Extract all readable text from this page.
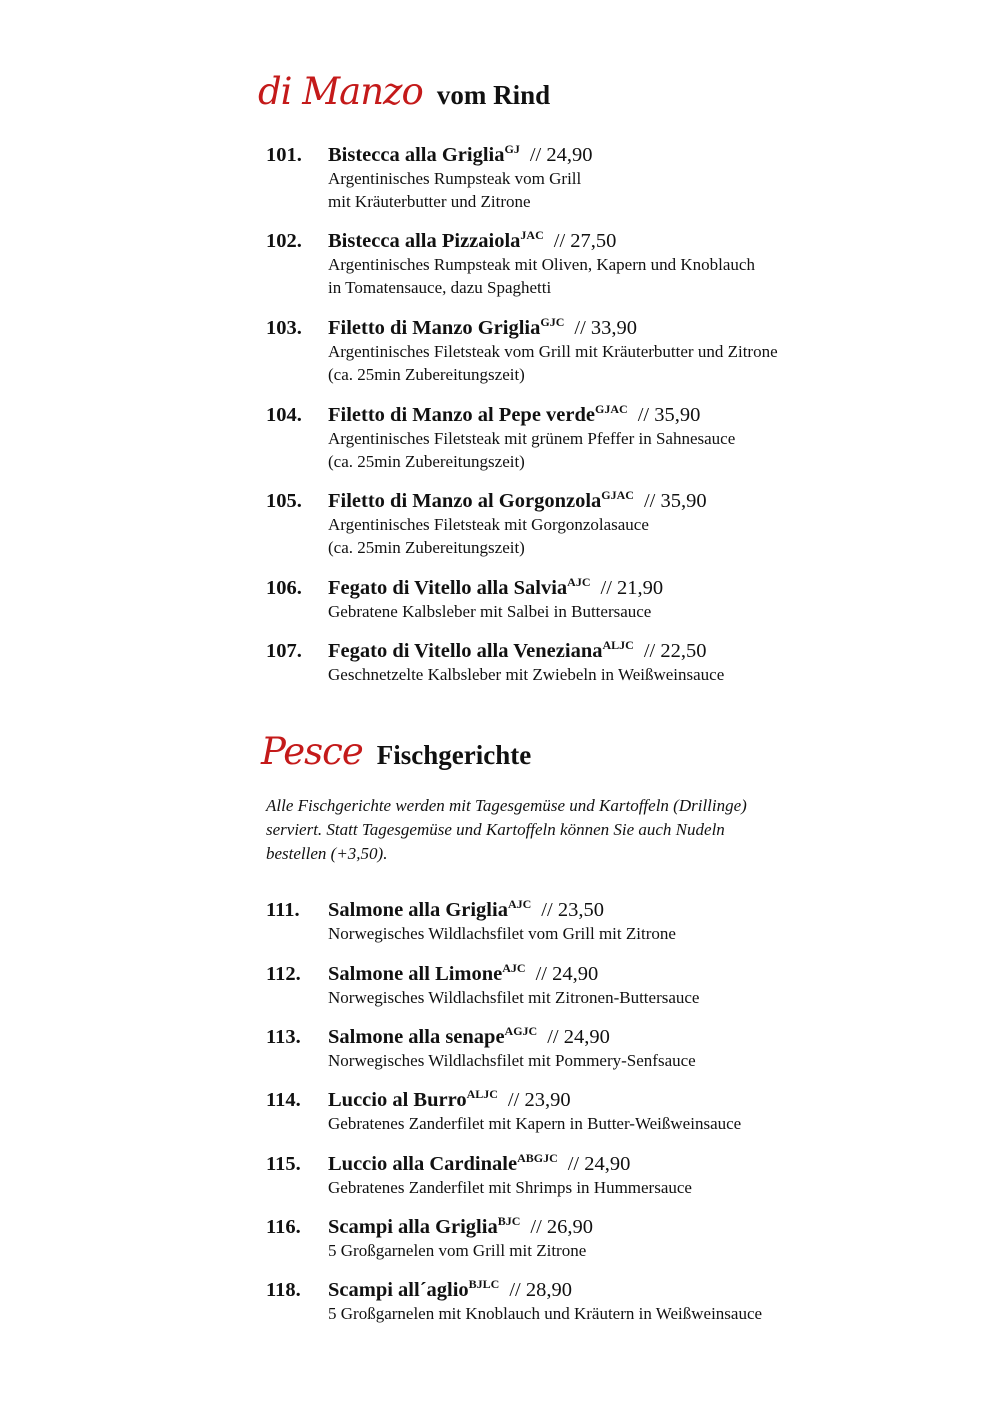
di Manzo vom Rind
101. Bistecca alla Griglia$^{GJ}$ // 24,90
Argentinisches Rumpsteak vom Grill
mit Kräuterbutter und Zitrone
102. Bistecca alla Pizzaiola$^{JAC}$ // 27,50
Argentinisches Rumpsteak mit Oliven, Kapern und Knoblauch
in Tomatensauce, dazu Spaghetti
103. Filetto di Manzo Griglia$^{GJC}$ // 33,90
Argentinisches Filetsteak vom Grill mit Kräuterbutter und Zitrone
(ca. 25min Zubereitungszeit)
104. Filetto di Manzo al Pepe verde$^{GJAC}$ // 35,90
Argentinisches Filetsteak mit grünem Pfeffer in Sahnesauce
(ca. 25min Zubereitungszeit)
105. Filetto di Manzo al Gorgonzola$^{GJAC}$ // 35,90
Argentinisches Filetsteak mit Gorgonzolasauce
(ca. 25min Zubereitungszeit)
106. Fegato di Vitello alla Salvia$^{AJC}$ // 21,90
Gebratene Kalbsleber mit Salbei in Buttersauce
107. Fegato di Vitello alla Veneziana$^{ALJC}$ // 22,50
Geschnetzelte Kalbsleber mit Zwiebeln in Weißweinsauce
Pesce Fischgerichte
Alle Fischgerichte werden mit Tagesgemüse und Kartoffeln (Drillinge)
serviert. Statt Tagesgemüse und Kartoffeln können Sie auch Nudeln
bestellen (+3,50).
111. Salmone alla Griglia$^{AJC}$ // 23,50
Norwegisches Wildlachsfilet vom Grill mit Zitrone
112. Salmone all Limone$^{AJC}$ // 24,90
Norwegisches Wildlachsfilet mit Zitronen-Buttersauce
113. Salmone alla senape$^{AGJC}$ // 24,90
Norwegisches Wildlachsfilet mit Pommery-Senfsauce
114. Luccio al Burro$^{ALJC}$ // 23,90
Gebratenes Zanderfilet mit Kapern in Butter-Weißweinsauce
115. Luccio alla Cardinale$^{ABGJC}$ // 24,90
Gebratenes Zanderfilet mit Shrimps in Hummersauce
116. Scampi alla Griglia$^{BJC}$ // 26,90
5 Großgarnelen vom Grill mit Zitrone
118. Scampi all´aglio$^{BJLC}$ // 28,90
5 Großgarnelen mit Knoblauch und Kräutern in Weißweinsauce
